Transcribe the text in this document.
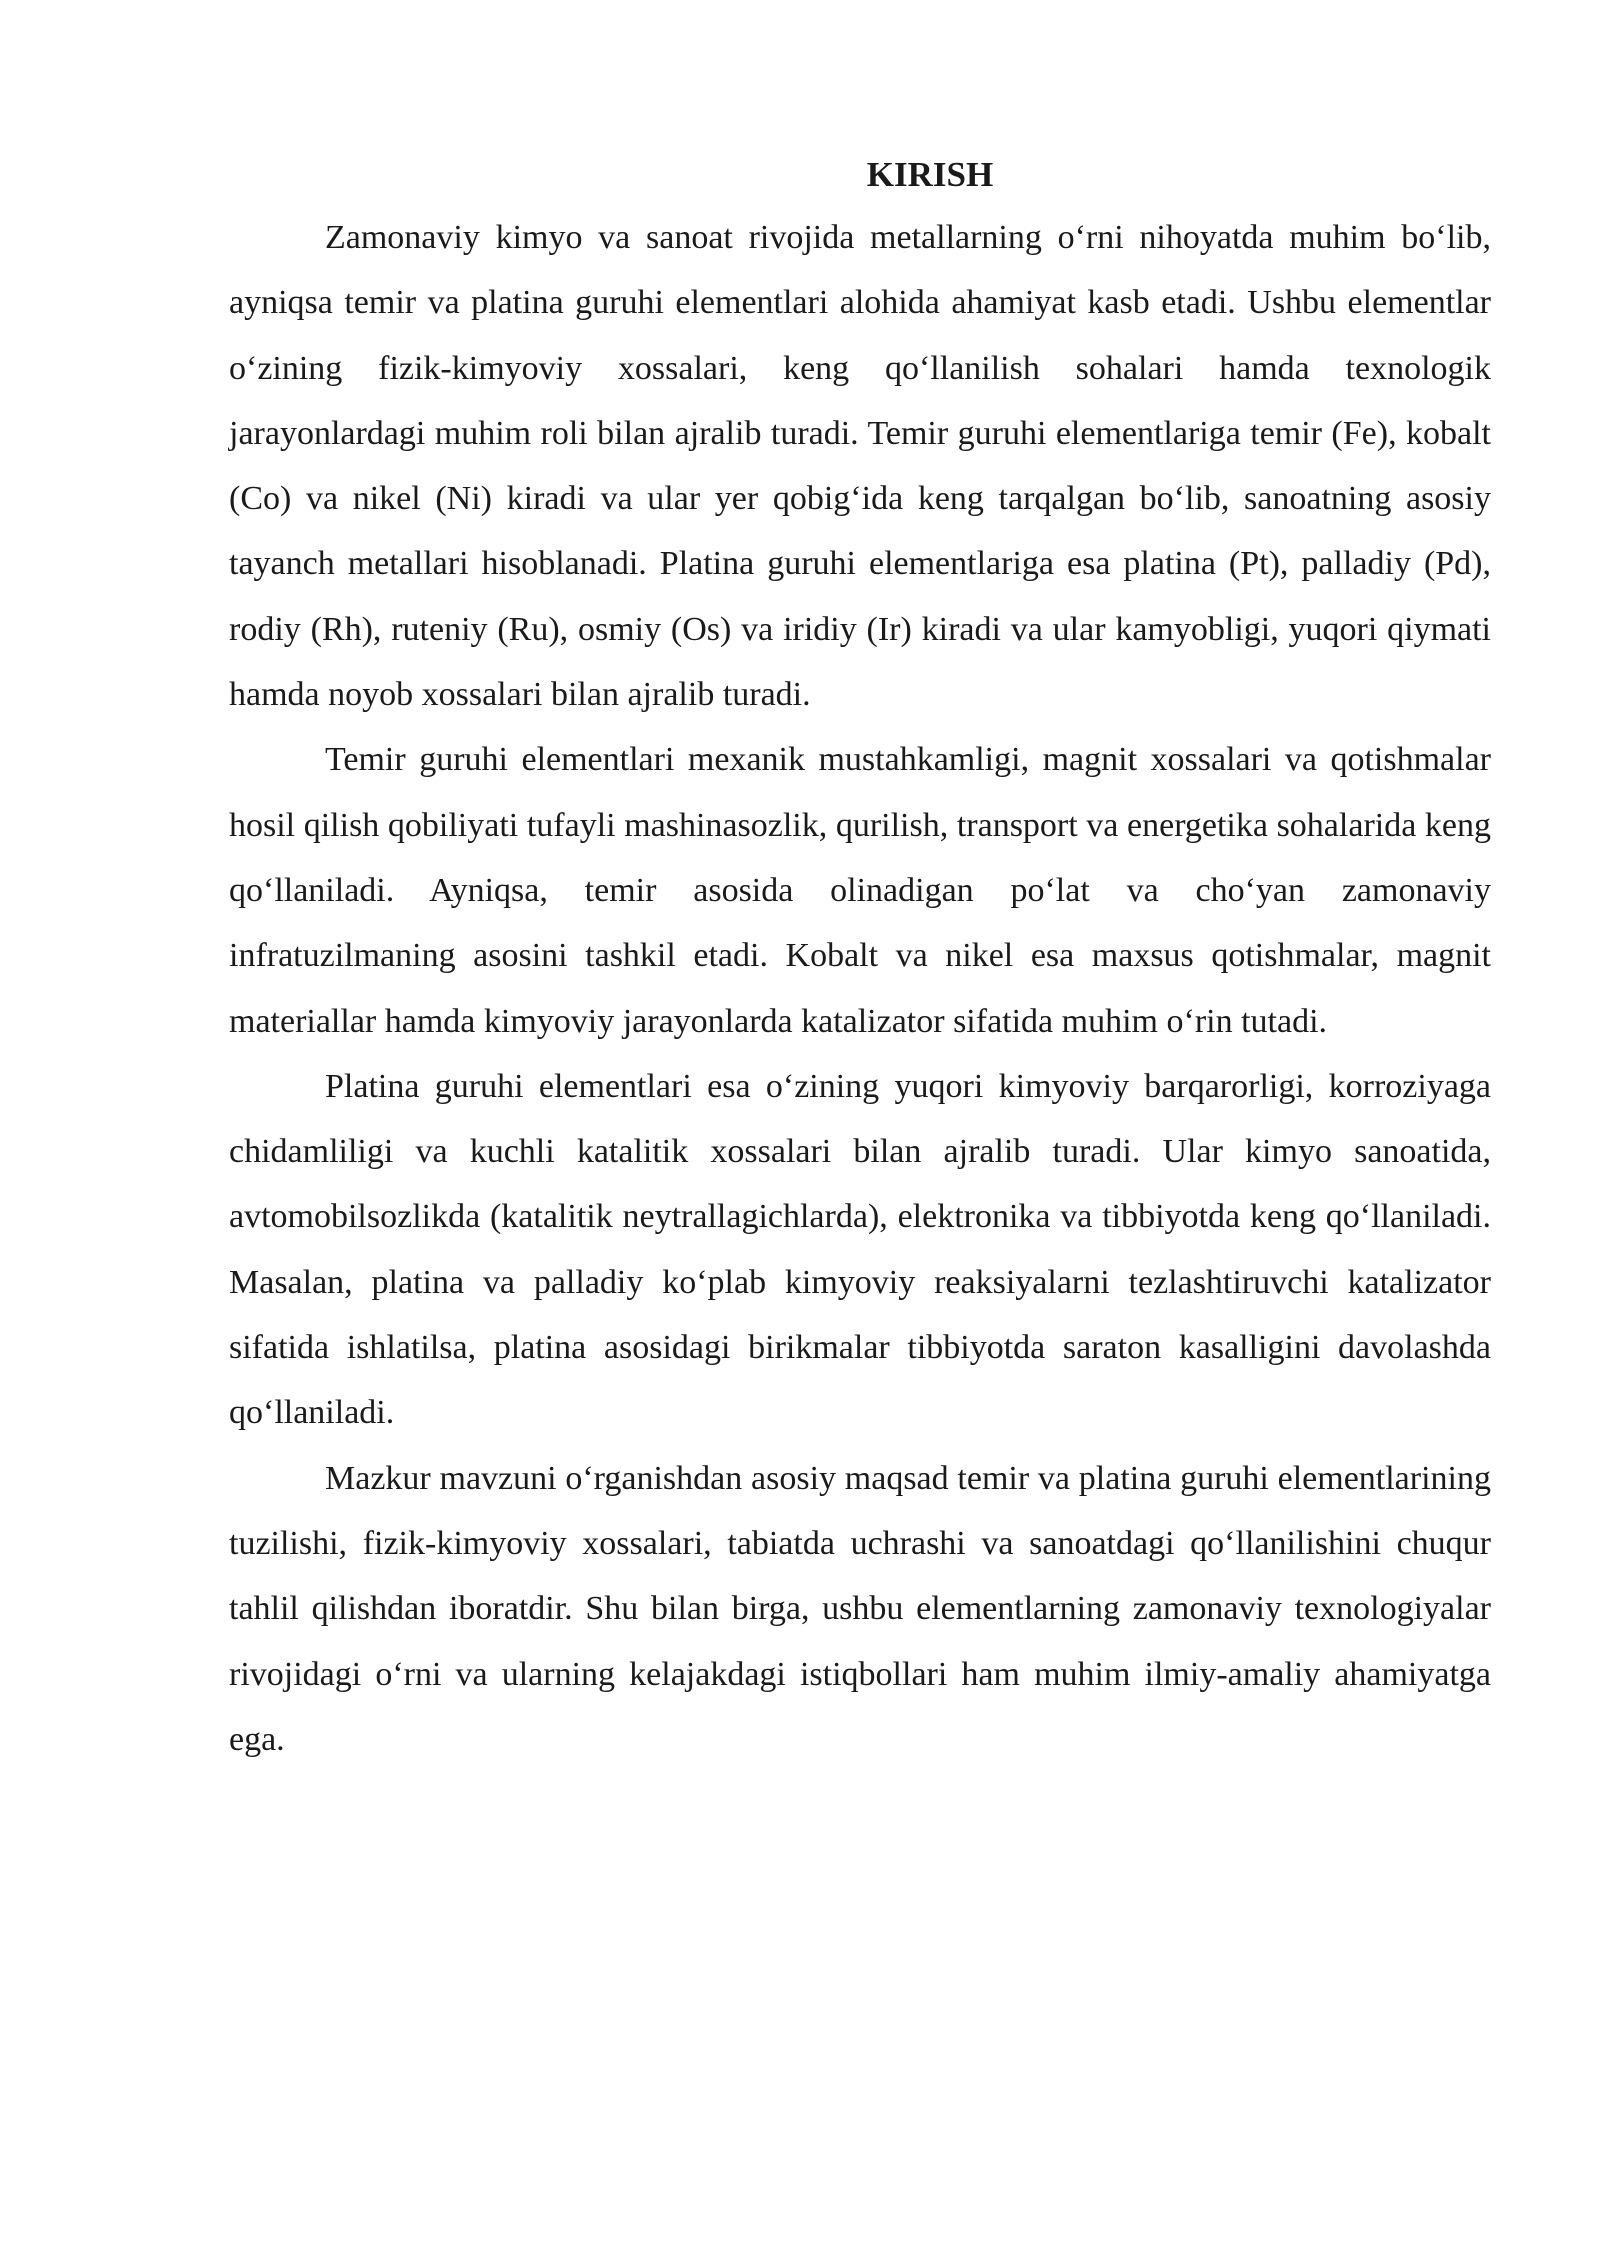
KIRISH

Zamonaviy kimyo va sanoat rivojida metallarning o‘rni nihoyatda muhim bo‘lib, ayniqsa temir va platina guruhi elementlari alohida ahamiyat kasb etadi. Ushbu elementlar o‘zining fizik-kimyoviy xossalari, keng qo‘llanilish sohalari hamda texnologik jarayonlardagi muhim roli bilan ajralib turadi. Temir guruhi elementlariga temir (Fe), kobalt (Co) va nikel (Ni) kiradi va ular yer qobig‘ida keng tarqalgan bo‘lib, sanoatning asosiy tayanch metallari hisoblanadi. Platina guruhi elementlariga esa platina (Pt), palladiy (Pd), rodiy (Rh), ruteniy (Ru), osmiy (Os) va iridiy (Ir) kiradi va ular kamyobligi, yuqori qiymati hamda noyob xossalari bilan ajralib turadi.

Temir guruhi elementlari mexanik mustahkamligi, magnit xossalari va qotishmalar hosil qilish qobiliyati tufayli mashinasozlik, qurilish, transport va energetika sohalarida keng qo‘llaniladi. Ayniqsa, temir asosida olinadigan po‘lat va cho‘yan zamonaviy infratuzilmaning asosini tashkil etadi. Kobalt va nikel esa maxsus qotishmalar, magnit materiallar hamda kimyoviy jarayonlarda katalizator sifatida muhim o‘rin tutadi.

Platina guruhi elementlari esa o‘zining yuqori kimyoviy barqarorligi, korroziyaga chidamliligi va kuchli katalitik xossalari bilan ajralib turadi. Ular kimyo sanoatida, avtomobilsozlikda (katalitik neytrallagichlarda), elektronika va tibbiyotda keng qo‘llaniladi. Masalan, platina va palladiy ko‘plab kimyoviy reaksiyalarni tezlashtiruvchi katalizator sifatida ishlatilsa, platina asosidagi birikmalar tibbiyotda saraton kasalligini davolashda qo‘llaniladi.

Mazkur mavzuni o‘rganishdan asosiy maqsad temir va platina guruhi elementlarining tuzilishi, fizik-kimyoviy xossalari, tabiatda uchrashi va sanoatdagi qo‘llanilishini chuqur tahlil qilishdan iboratdir. Shu bilan birga, ushbu elementlarning zamonaviy texnologiyalar rivojidagi o‘rni va ularning kelajakdagi istiqbollari ham muhim ilmiy-amaliy ahamiyatga ega.
